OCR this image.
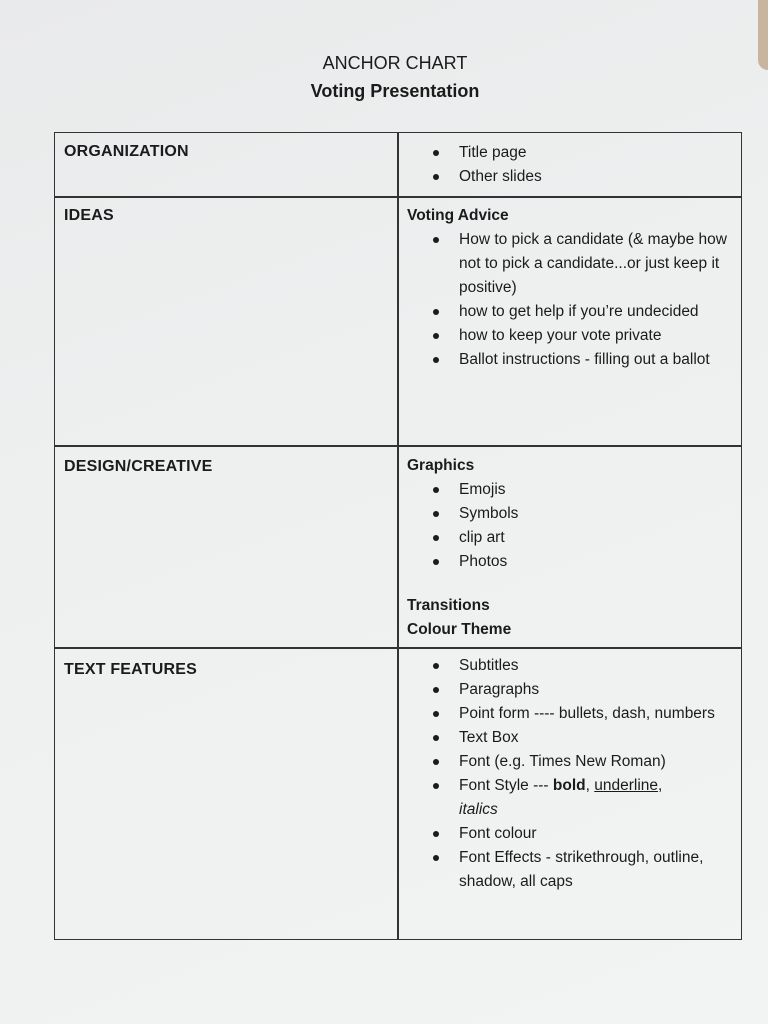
ANCHOR CHART
Voting Presentation
ORGANIZATION	Title page
Other slides
IDEAS	Voting Advice
How to pick a candidate (& maybe how not to pick a candidate...or just keep it positive)
how to get help if you’re undecided
how to keep your vote private
Ballot instructions - filling out a ballot
DESIGN/CREATIVE	Graphics
Emojis
Symbols
clip art
Photos
Transitions
Colour Theme
TEXT FEATURES	Subtitles
Paragraphs
Point form ---- bullets, dash, numbers
Text Box
Font (e.g. Times New Roman)
Font Style --- bold, underline,
italics
Font colour
Font Effects - strikethrough, outline, shadow, all caps
